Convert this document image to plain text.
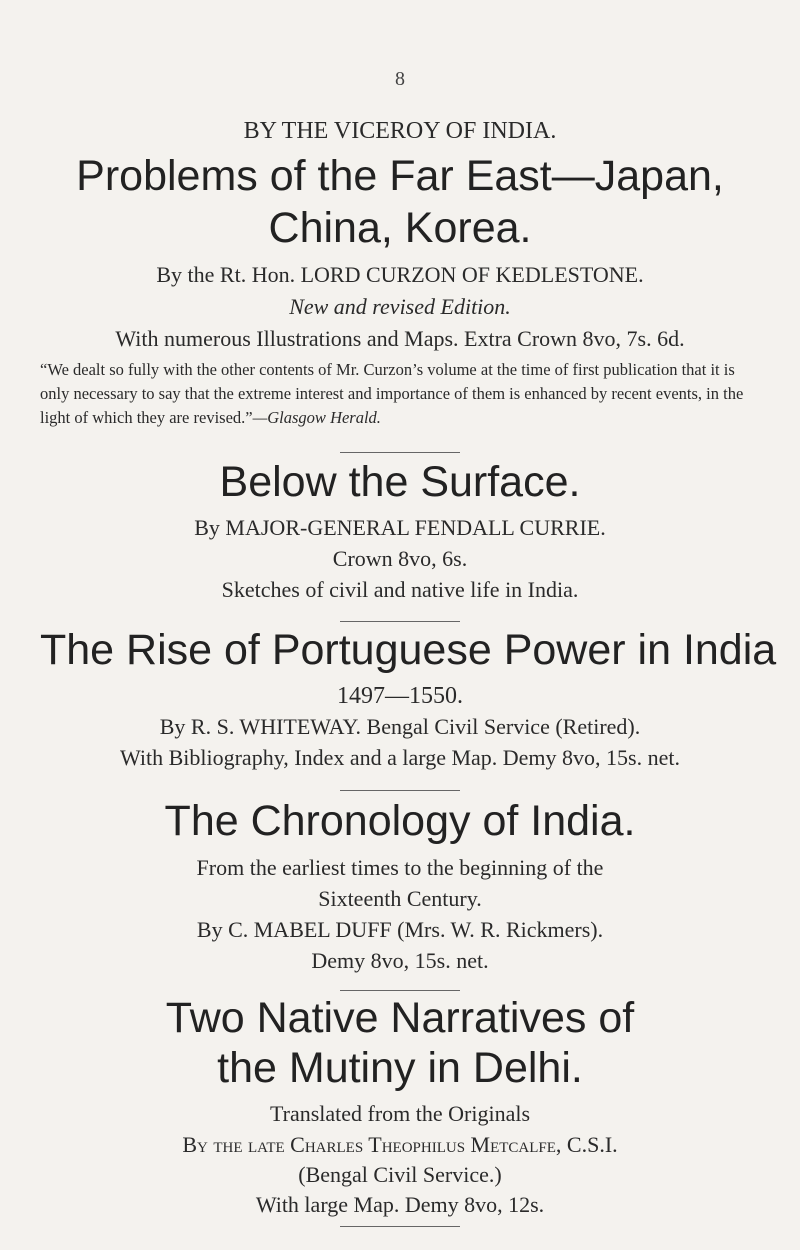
8
BY THE VICEROY OF INDIA.
Problems of the Far East—Japan,
China, Korea.
By the Rt. Hon. LORD CURZON OF KEDLESTONE.
New and revised Edition.
With numerous Illustrations and Maps. Extra Crown 8vo, 7s. 6d.
“We dealt so fully with the other contents of Mr. Curzon’s volume at the time of first publication that it is only necessary to say that the extreme interest and importance of them is enhanced by recent events, in the light of which they are revised.”—Glasgow Herald.
Below the Surface.
By MAJOR-GENERAL FENDALL CURRIE.
Crown 8vo, 6s.
Sketches of civil and native life in India.
The Rise of Portuguese Power in India
1497—1550.
By R. S. WHITEWAY. Bengal Civil Service (Retired).
With Bibliography, Index and a large Map. Demy 8vo, 15s. net.
The Chronology of India.
From the earliest times to the beginning of the
Sixteenth Century.
By C. MABEL DUFF (Mrs. W. R. Rickmers).
Demy 8vo, 15s. net.
Two Native Narratives of
the Mutiny in Delhi.
Translated from the Originals
By the late Charles Theophilus Metcalfe, C.S.I.
(Bengal Civil Service.)
With large Map. Demy 8vo, 12s.
